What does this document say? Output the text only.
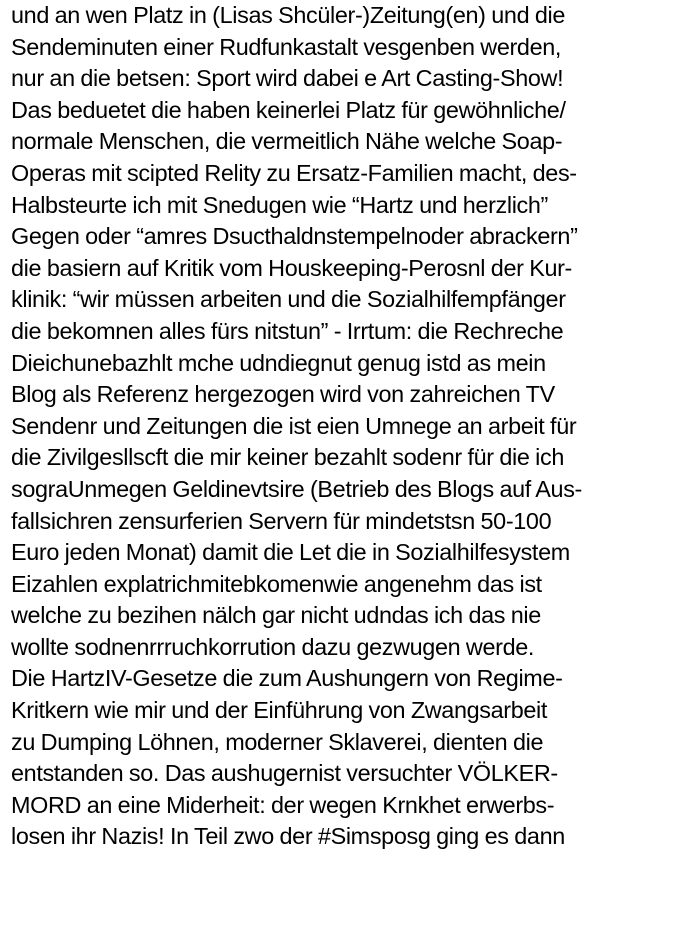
und an wen Platz in (Lisas Shcüler-)Zeitung(en) und die
Sendeminuten einer Rudfunkastalt vesgenben werden,
nur an die betsen: Sport wird dabei e Art Casting-Show!
Das beduetet die haben keinerlei Platz für gewöhnliche/
normale Menschen, die vermeitlich Nähe welche Soap-
Operas mit scipted Relity zu Ersatz-Familien macht, des-
Halbsteurte ich mit Snedugen wie “Hartz und herzlich”
Gegen oder “amres Dsucthaldnstempelnoder abrackern”
die basiern auf Kritik vom Houskeeping-Perosnl der Kur-
klinik: “wir müssen arbeiten und die Sozialhilfempfänger
die bekomnen alles fürs nitstun” - Irrtum: die Rechreche
Dieichunebazhlt mche udndiegnut genug istd as mein
Blog als Referenz hergezogen wird von zahreichen TV
Sendenr und Zeitungen die ist eien Umnege an arbeit für
die Zivilgesllscft die mir keiner bezahlt sodenr für die ich
sograUnmegen Geldinevtsire (Betrieb des Blogs auf Aus-
fallsichren zensurferien Servern für mindetstsn 50-100
Euro jeden Monat) damit die Let die in Sozialhilfesystem
Eizahlen explatrichmitebkomenwie angenehm das ist
welche zu bezihen nälch gar nicht udndas ich das nie
wollte sodnenrrruchkorrution dazu gezwugen werde.
Die HartzIV-Gesetze die zum Aushungern von Regime-
Kritkern wie mir und der Einführung von Zwangsarbeit
zu Dumping Löhnen, moderner Sklaverei, dienten die
entstanden so. Das aushugernist versuchter VÖLKER-
MORD an eine Miderheit: der wegen Krnkhet erwerbs-
losen ihr Nazis! In Teil zwo der #Simsposg ging es dann
